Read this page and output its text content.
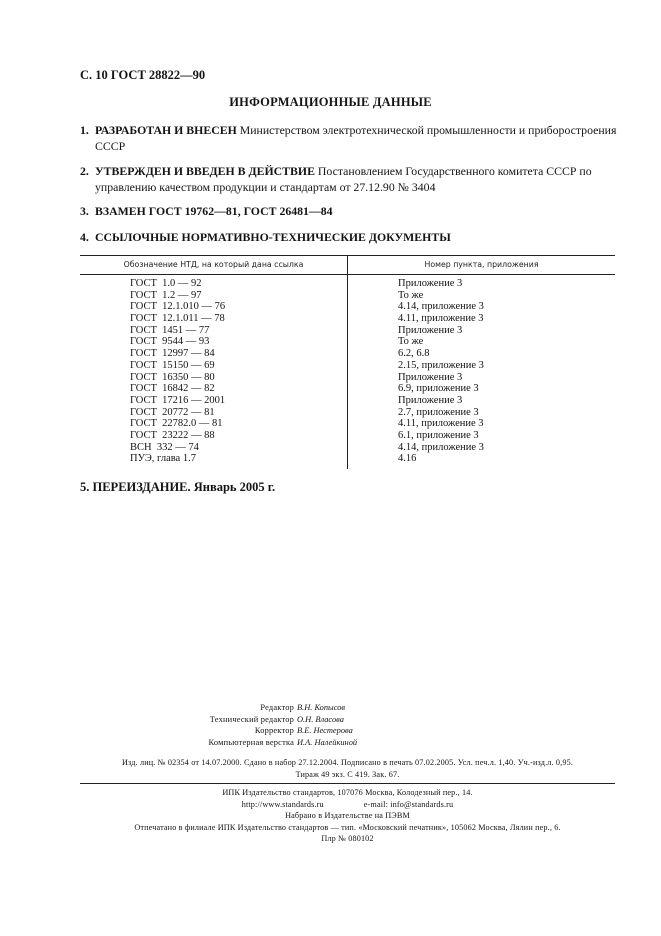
С. 10 ГОСТ 28822—90
ИНФОРМАЦИОННЫЕ ДАННЫЕ
1. РАЗРАБОТАН И ВНЕСЕН Министерством электротехнической промышленности и приборостроения СССР
2. УТВЕРЖДЕН И ВВЕДЕН В ДЕЙСТВИЕ Постановлением Государственного комитета СССР по управлению качеством продукции и стандартам от 27.12.90 № 3404
3. ВЗАМЕН ГОСТ 19762—81, ГОСТ 26481—84
4. ССЫЛОЧНЫЕ НОРМАТИВНО-ТЕХНИЧЕСКИЕ ДОКУМЕНТЫ
Обозначение НТД, на который дана ссылка	Номер пункта, приложения
ГОСТ  1.0 — 92	Приложение 3
ГОСТ  1.2 — 97	То же
ГОСТ  12.1.010 — 76	4.14, приложение 3
ГОСТ  12.1.011 — 78	4.11, приложение 3
ГОСТ  1451 — 77	Приложение 3
ГОСТ  9544 — 93	То же
ГОСТ  12997 — 84	6.2, 6.8
ГОСТ  15150 — 69	2.15, приложение 3
ГОСТ  16350 — 80	Приложение 3
ГОСТ  16842 — 82	6.9, приложение 3
ГОСТ  17216 — 2001	Приложение 3
ГОСТ  20772 — 81	2.7, приложение 3
ГОСТ  22782.0 — 81	4.11, приложение 3
ГОСТ  23222 — 88	6.1, приложение 3
ВСН  332 — 74	4.14, приложение 3
ПУЭ, глава 1.7	4.16
5. ПЕРЕИЗДАНИЕ. Январь 2005 г.
Редактор В.Н. Копысов
Технический редактор О.Н. Власова
Корректор В.Е. Нестерова
Компьютерная верстка И.А. Налейкиной
Изд. лиц. № 02354 от 14.07.2000. Сдано в набор 27.12.2004. Подписано в печать 07.02.2005. Усл. печ.л. 1,40. Уч.-изд.л. 0,95.
Тираж 49 экз. С 419. Зак. 67.
ИПК Издательство стандартов, 107076 Москва, Колодезный пер., 14.
http://www.standards.ru	e-mail: info@standards.ru
Набрано в Издательстве на ПЭВМ
Отпечатано в филиале ИПК Издательство стандартов — тип. «Московский печатник», 105062 Москва, Лялин пер., 6.
Плр № 080102
